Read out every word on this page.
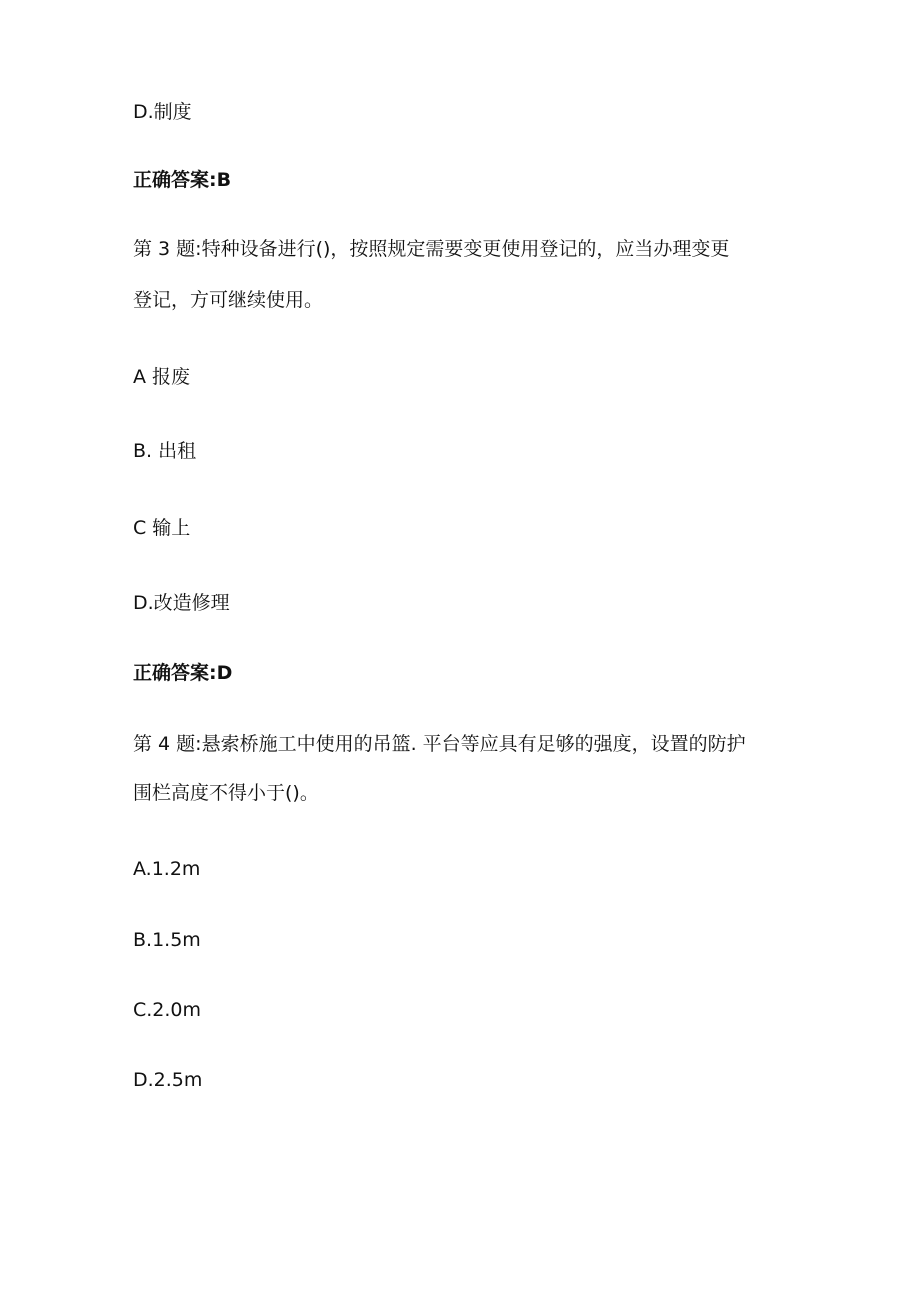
D.制度

正确答案:B

第 3 题:特种设备进行()，按照规定需要变更使用登记的，应当办理变更

登记，方可继续使用。

A 报废

B. 出租

C 输上

D.改造修理

正确答案:D

第 4 题:悬索桥施工中使用的吊篮. 平台等应具有足够的强度，设置的防护

围栏高度不得小于()。

A.1.2m

B.1.5m

C.2.0m

D.2.5m
